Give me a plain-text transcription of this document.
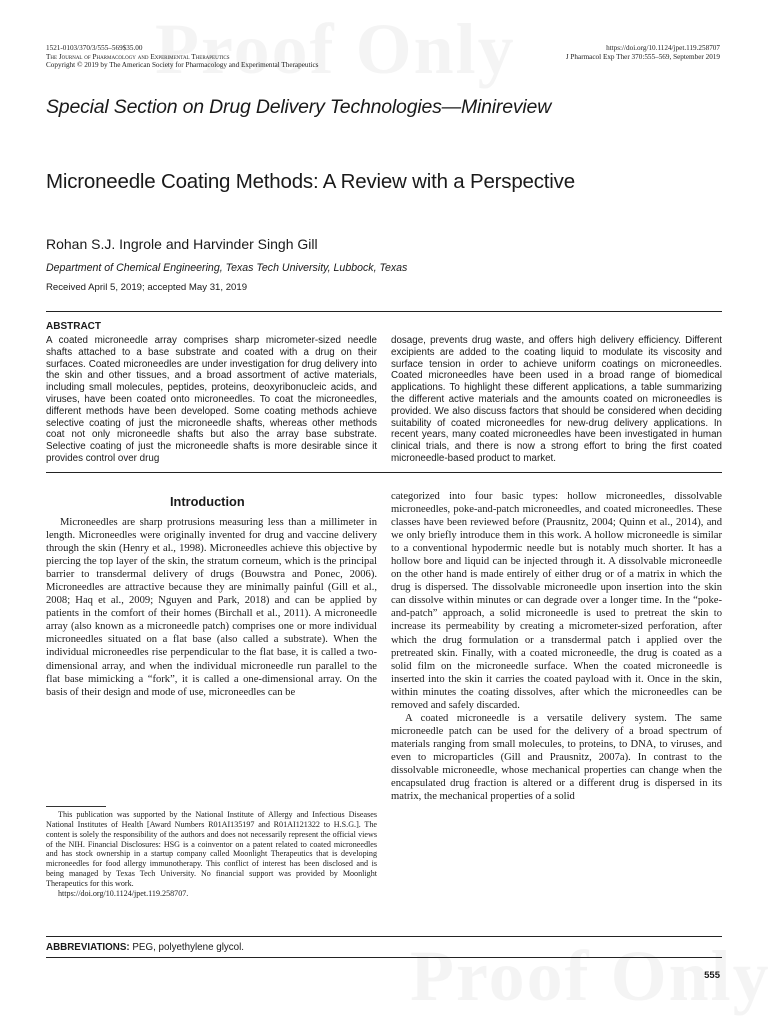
1521-0103/370/3/555–569$35.00
The Journal of Pharmacology and Experimental Therapeutics
Copyright © 2019 by The American Society for Pharmacology and Experimental Therapeutics
https://doi.org/10.1124/jpet.119.258707
J Pharmacol Exp Ther 370:555–569, September 2019
Special Section on Drug Delivery Technologies—Minireview
Microneedle Coating Methods: A Review with a Perspective
Rohan S.J. Ingrole and Harvinder Singh Gill
Department of Chemical Engineering, Texas Tech University, Lubbock, Texas
Received April 5, 2019; accepted May 31, 2019
ABSTRACT
A coated microneedle array comprises sharp micrometer-sized needle shafts attached to a base substrate and coated with a drug on their surfaces. Coated microneedles are under investigation for drug delivery into the skin and other tissues, and a broad assortment of active materials, including small molecules, peptides, proteins, deoxyribonucleic acids, and viruses, have been coated onto microneedles. To coat the microneedles, different methods have been developed. Some coating methods achieve selective coating of just the microneedle shafts, whereas other methods coat not only microneedle shafts but also the array base substrate. Selective coating of just the microneedle shafts is more desirable since it provides control over drug
dosage, prevents drug waste, and offers high delivery efficiency. Different excipients are added to the coating liquid to modulate its viscosity and surface tension in order to achieve uniform coatings on microneedles. Coated microneedles have been used in a broad range of biomedical applications. To highlight these different applications, a table summarizing the different active materials and the amounts coated on microneedles is provided. We also discuss factors that should be considered when deciding suitability of coated microneedles for new-drug delivery applications. In recent years, many coated microneedles have been investigated in human clinical trials, and there is now a strong effort to bring the first coated microneedle-based product to market.
Introduction

Microneedles are sharp protrusions measuring less than a millimeter in length. Microneedles were originally invented for drug and vaccine delivery through the skin (Henry et al., 1998). Microneedles achieve this objective by piercing the top layer of the skin, the stratum corneum, which is the principal barrier to transdermal delivery of drugs (Bouwstra and Ponec, 2006). Microneedles are attractive because they are minimally painful (Gill et al., 2008; Haq et al., 2009; Nguyen and Park, 2018) and can be applied by patients in the comfort of their homes (Birchall et al., 2011). A microneedle array (also known as a microneedle patch) comprises one or more individual microneedles situated on a flat base (also called a substrate). When the individual microneedles rise perpendicular to the flat base, it is called a two-dimensional array, and when the individual microneedle run parallel to the flat base mimicking a “fork”, it is called a one-dimensional array. On the basis of their design and mode of use, microneedles can be

categorized into four basic types: hollow microneedles, dissolvable microneedles, poke-and-patch microneedles, and coated microneedles. These classes have been reviewed before (Prausnitz, 2004; Quinn et al., 2014), and we only briefly introduce them in this work. A hollow microneedle is similar to a conventional hypodermic needle but is notably much shorter. It has a hollow bore and liquid can be injected through it. A dissolvable microneedle on the other hand is made entirely of either drug or of a matrix in which the drug is dispersed. The dissolvable microneedle upon insertion into the skin can dissolve within minutes or can degrade over a longer time. In the “poke-and-patch” approach, a solid microneedle is used to pretreat the skin to increase its permeability by creating a micrometer-sized perforation, after which the drug formulation or a transdermal patch i applied over the pretreated skin. Finally, with a coated microneedle, the drug is coated as a solid film on the microneedle surface. When the coated microneedle is inserted into the skin it carries the coated payload with it. Once in the skin, within minutes the coating dissolves, after which the microneedles can be removed and safely discarded.

A coated microneedle is a versatile delivery system. The same microneedle patch can be used for the delivery of a broad spectrum of materials ranging from small molecules, to proteins, to DNA, to viruses, and even to microparticles (Gill and Prausnitz, 2007a). In contrast to the dissolvable microneedle, whose mechanical properties can change when the encapsulated drug fraction is altered or a different drug is dispersed in its matrix, the mechanical properties of a solid

This publication was supported by the National Institute of Allergy and Infectious Diseases National Institutes of Health [Award Numbers R01AI135197 and R01AI121322 to H.S.G.]. The content is solely the responsibility of the authors and does not necessarily represent the official views of the NIH. Financial Disclosures: HSG is a coinventor on a patent related to coated microneedles and has stock ownership in a startup company called Moonlight Therapeutics that is developing microneedles for food allergy immunotherapy. This conflict of interest has been disclosed and is being managed by Texas Tech University. No financial support was provided by Moonlight Therapeutics for this work.

https://doi.org/10.1124/jpet.119.258707.

ABBREVIATIONS: PEG, polyethylene glycol.
555
